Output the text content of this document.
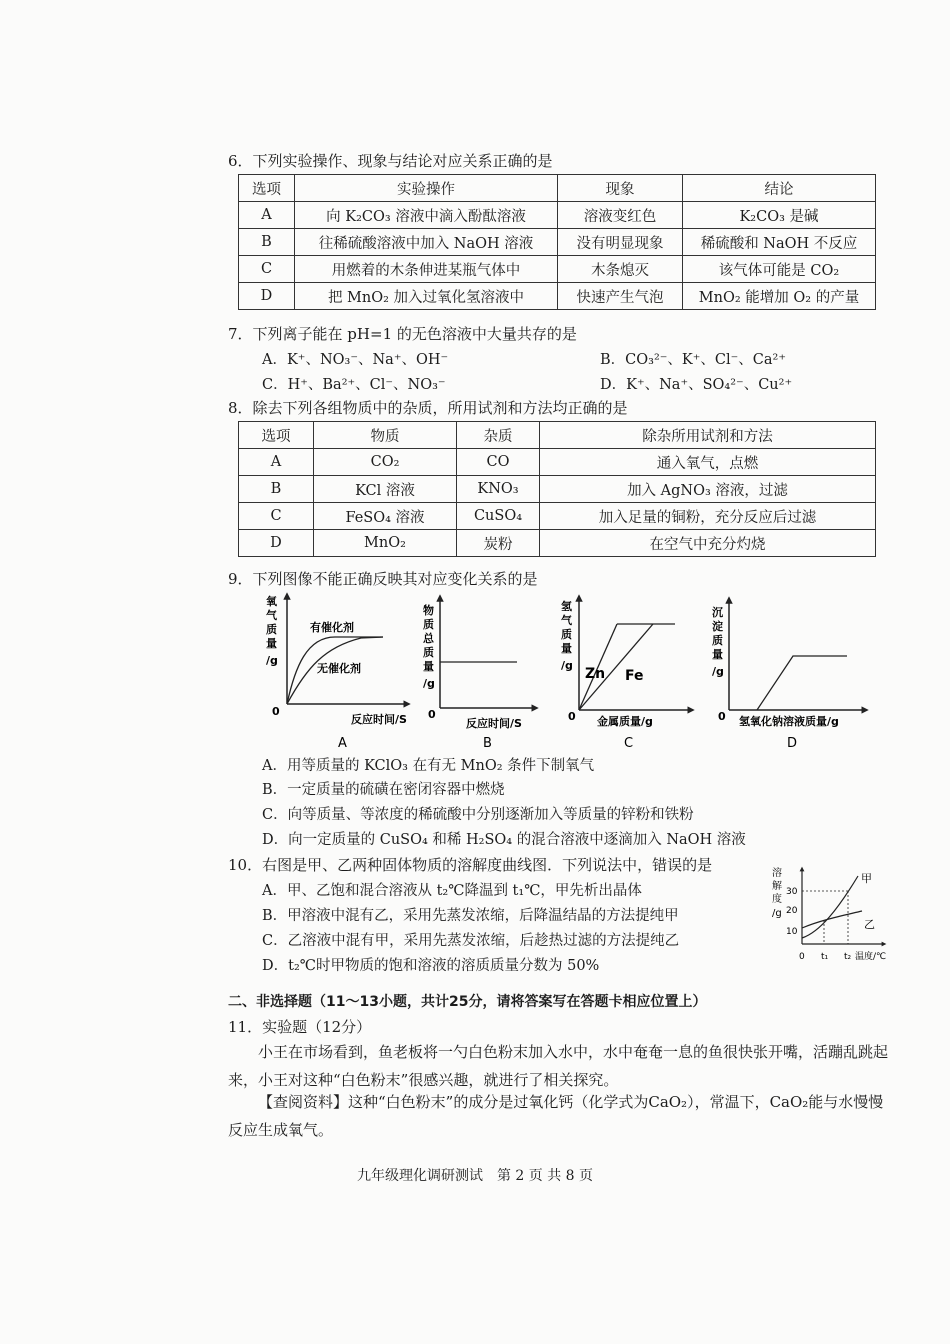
6．下列实验操作、现象与结论对应关系正确的是
选项	实验操作	现象	结论
A	向 K₂CO₃ 溶液中滴入酚酞溶液	溶液变红色	K₂CO₃ 是碱
B	往稀硫酸溶液中加入 NaOH 溶液	没有明显现象	稀硫酸和 NaOH 不反应
C	用燃着的木条伸进某瓶气体中	木条熄灭	该气体可能是 CO₂
D	把 MnO₂ 加入过氧化氢溶液中	快速产生气泡	MnO₂ 能增加 O₂ 的产量
7．下列离子能在 pH=1 的无色溶液中大量共存的是
A．K⁺、NO₃⁻、Na⁺、OH⁻	B．CO₃²⁻、K⁺、Cl⁻、Ca²⁺
C．H⁺、Ba²⁺、Cl⁻、NO₃⁻	D．K⁺、Na⁺、SO₄²⁻、Cu²⁺
8．除去下列各组物质中的杂质，所用试剂和方法均正确的是
选项	物质	杂质	除杂所用试剂和方法
A	CO₂	CO	通入氧气，点燃
B	KCl 溶液	KNO₃	加入 AgNO₃ 溶液，过滤
C	FeSO₄ 溶液	CuSO₄	加入足量的铜粉，充分反应后过滤
D	MnO₂	炭粉	在空气中充分灼烧
9．下列图像不能正确反映其对应变化关系的是
氧
气
质
量
/g
0
有催化剂
无催化剂
反应时间/S
A
物
质
总
质
量
/g
0
反应时间/S
B
氢
气
质
量
/g
0
Zn Fe
金属质量/g
C
沉
淀
质
量
/g
0 氢氧化钠溶液质量/g
D
A．用等质量的 KClO₃ 在有无 MnO₂ 条件下制氧气
B．一定质量的硫磺在密闭容器中燃烧
C．向等质量、等浓度的稀硫酸中分别逐渐加入等质量的锌粉和铁粉
D．向一定质量的 CuSO₄ 和稀 H₂SO₄ 的混合溶液中逐滴加入 NaOH 溶液
10．右图是甲、乙两种固体物质的溶解度曲线图．下列说法中，错误的是
A．甲、乙饱和混合溶液从 t₂℃降温到 t₁℃，甲先析出晶体
B．甲溶液中混有乙，采用先蒸发浓缩，后降温结晶的方法提纯甲
C．乙溶液中混有甲，采用先蒸发浓缩，后趁热过滤的方法提纯乙
D．t₂℃时甲物质的饱和溶液的溶质质量分数为 50%
溶
解
度
/g
30
20
10
甲
乙
0 t₁ t₂ 温度/℃
二、非选择题（11～13小题，共计25分，请将答案写在答题卡相应位置上）
11．实验题（12分）
小王在市场看到，鱼老板将一勺白色粉末加入水中，水中奄奄一息的鱼很快张开嘴，活蹦乱跳起来，小王对这种“白色粉末”很感兴趣，就进行了相关探究。
【查阅资料】这种“白色粉末”的成分是过氧化钙（化学式为CaO₂），常温下，CaO₂能与水慢慢反应生成氧气。
九年级理化调研测试　第 2 页 共 8 页
